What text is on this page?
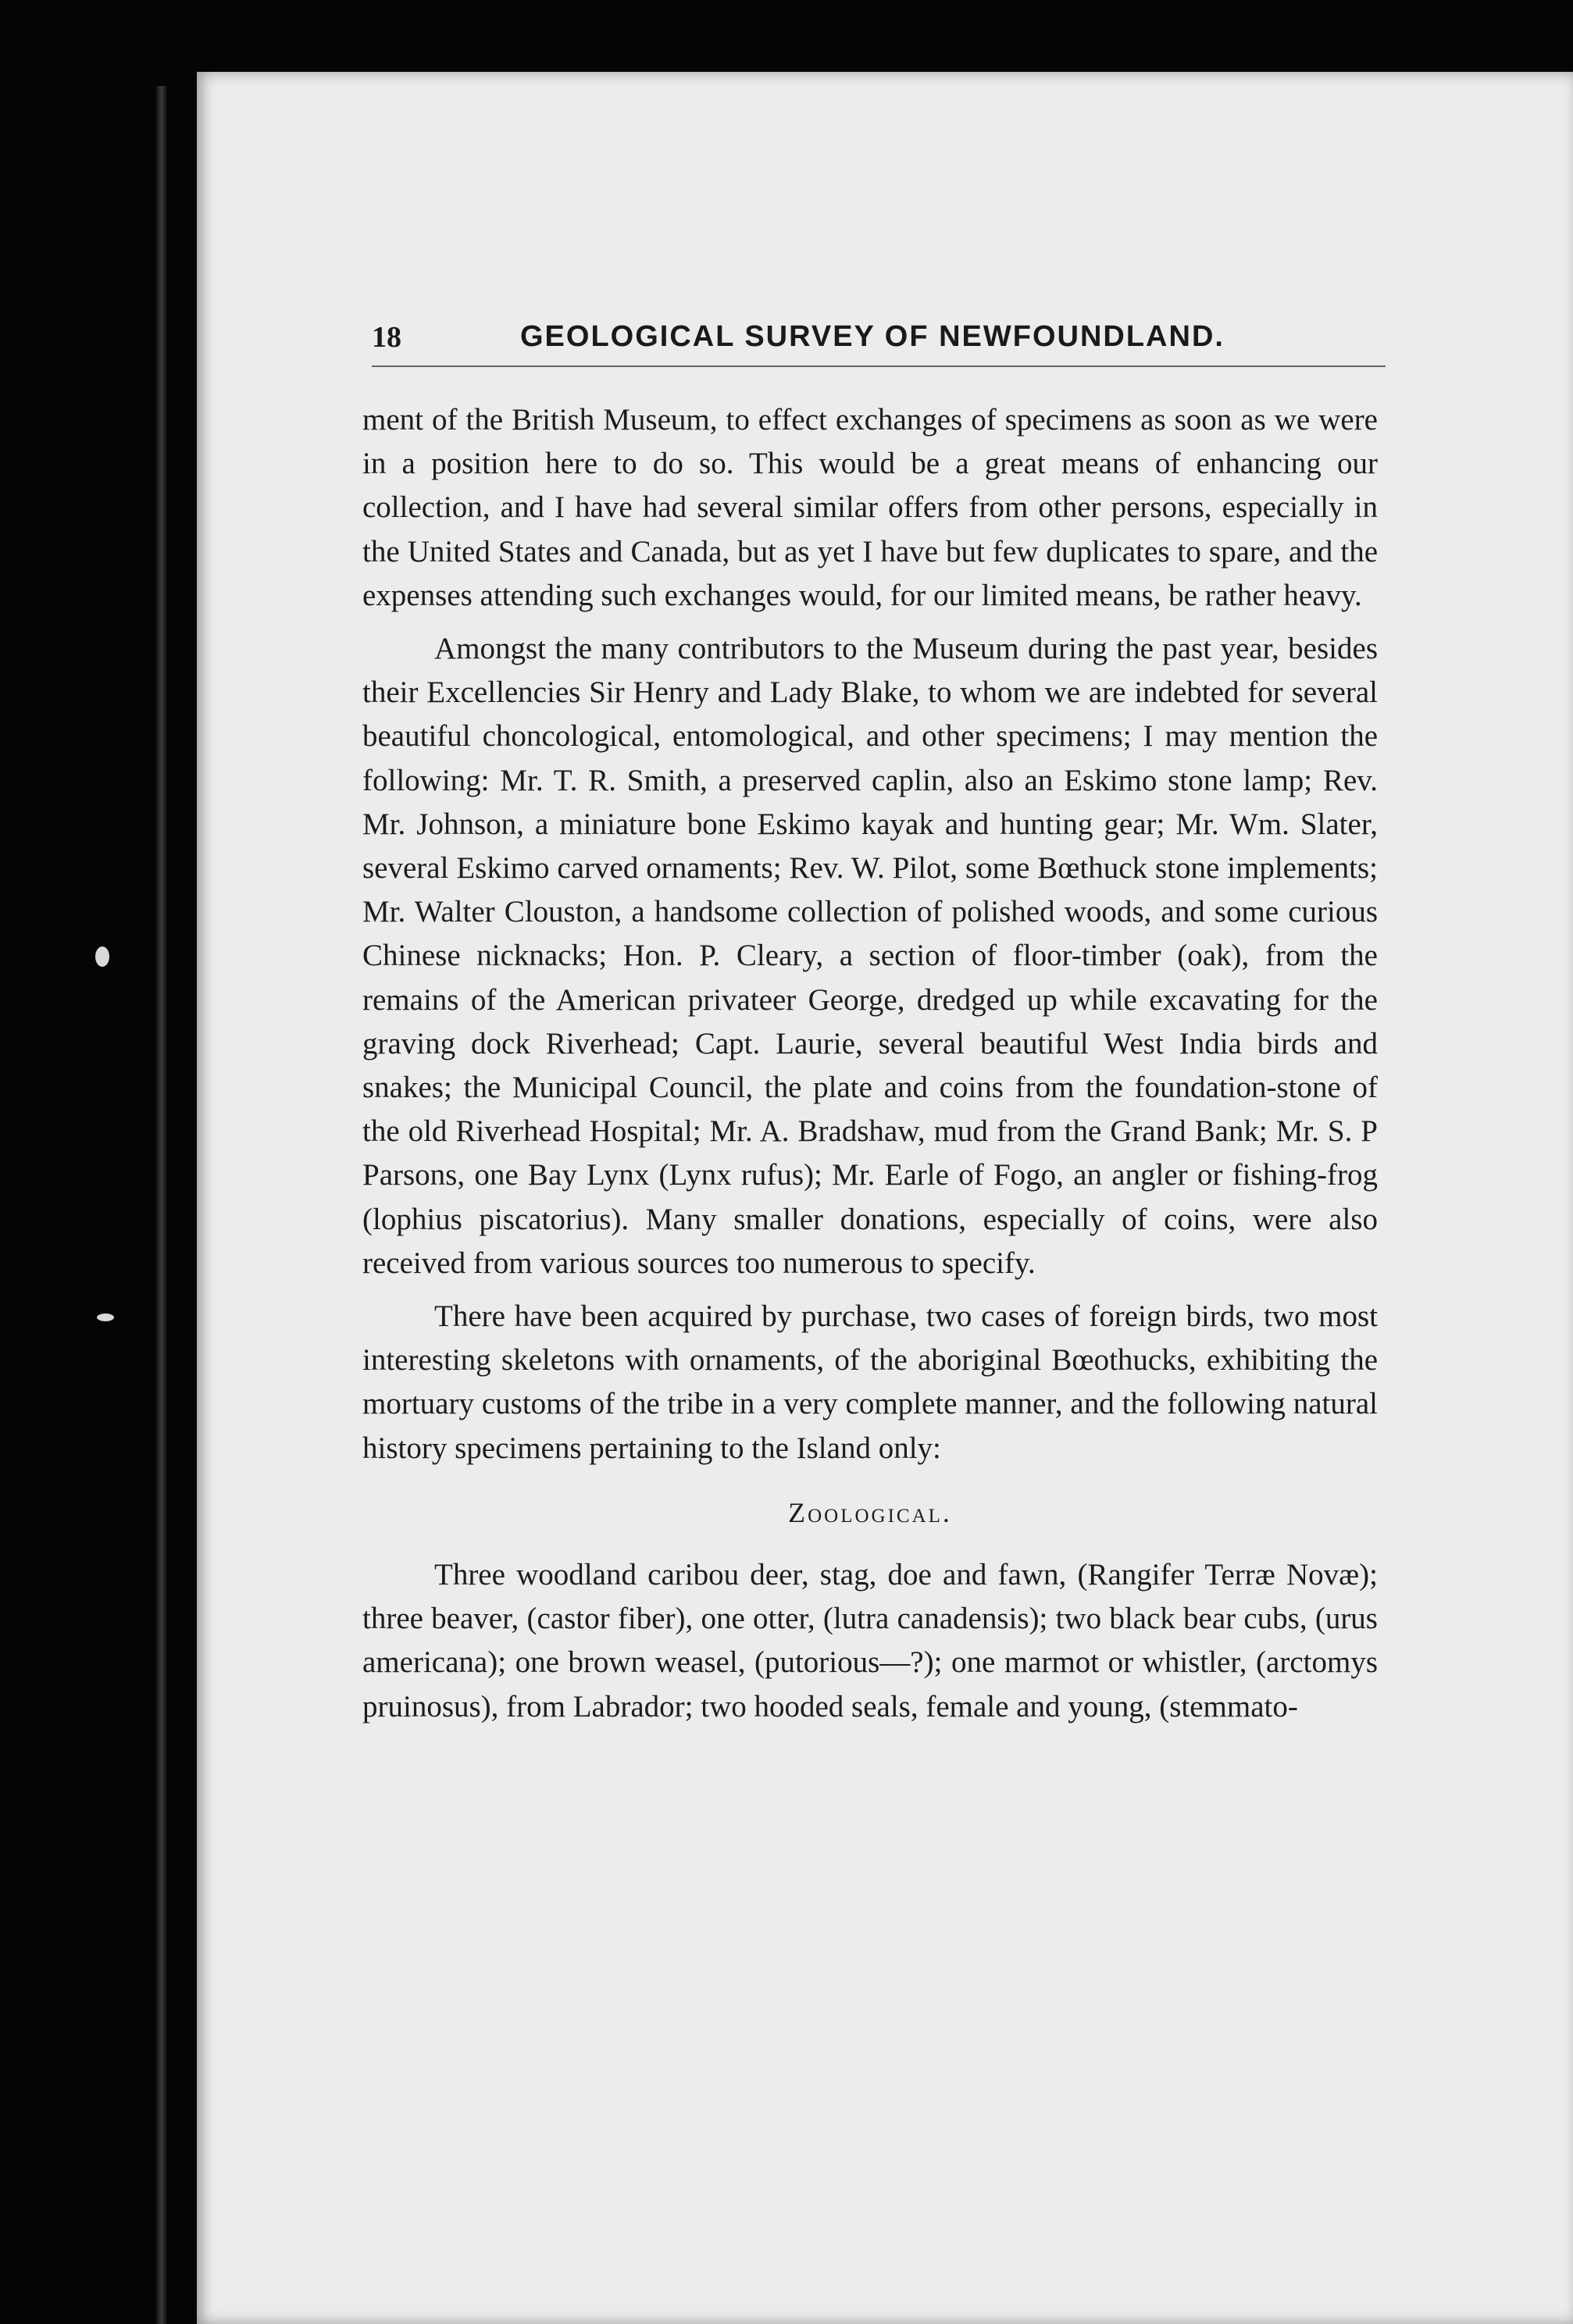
18	GEOLOGICAL SURVEY OF NEWFOUNDLAND.

ment of the British Museum, to effect exchanges of specimens as soon as we were in a position here to do so. This would be a great means of enhancing our collection, and I have had several similar offers from other persons, especially in the United States and Canada, but as yet I have but few duplicates to spare, and the expenses attending such exchanges would, for our limited means, be rather heavy.

Amongst the many contributors to the Museum during the past year, besides their Excellencies Sir Henry and Lady Blake, to whom we are indebted for several beautiful choncological, entomological, and other specimens; I may mention the following: Mr. T. R. Smith, a preserved caplin, also an Eskimo stone lamp; Rev. Mr. Johnson, a miniature bone Eskimo kayak and hunting gear; Mr. Wm. Slater, several Eskimo carved ornaments; Rev. W. Pilot, some Bœthuck stone implements; Mr. Walter Clouston, a handsome collection of polished woods, and some curious Chinese nicknacks; Hon. P. Cleary, a section of floor-timber (oak), from the remains of the American privateer George, dredged up while excavating for the graving dock Riverhead; Capt. Laurie, several beautiful West India birds and snakes; the Municipal Council, the plate and coins from the foundation-stone of the old Riverhead Hospital; Mr. A. Bradshaw, mud from the Grand Bank; Mr. S. P Parsons, one Bay Lynx (Lynx rufus); Mr. Earle of Fogo, an angler or fishing-frog (lophius piscatorius). Many smaller donations, especially of coins, were also received from various sources too numerous to specify.

There have been acquired by purchase, two cases of foreign birds, two most interesting skeletons with ornaments, of the aboriginal Bœothucks, exhibiting the mortuary customs of the tribe in a very complete manner, and the following natural history specimens pertaining to the Island only:

Zoological.

Three woodland caribou deer, stag, doe and fawn, (Rangifer Terræ Novæ); three beaver, (castor fiber), one otter, (lutra canadensis); two black bear cubs, (urus americana); one brown weasel, (putorious—?); one marmot or whistler, (arctomys pruinosus), from Labrador; two hooded seals, female and young, (stemmato-
